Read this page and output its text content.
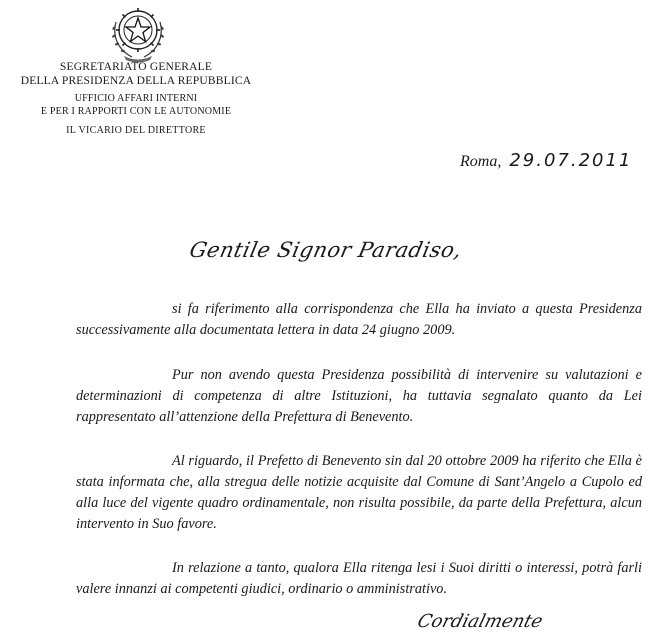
SEGRETARIATO GENERALE
DELLA PRESIDENZA DELLA REPUBBLICA
UFFICIO AFFARI INTERNI
E PER I RAPPORTI CON LE AUTONOMIE
IL VICARIO DEL DIRETTORE
Roma, 29.07.2011
Gentile Signor Paradiso,
si fa riferimento alla corrispondenza che Ella ha inviato a questa Presidenza successivamente alla documentata lettera in data 24 giugno 2009.
Pur non avendo questa Presidenza possibilità di intervenire su valutazioni e determinazioni di competenza di altre Istituzioni, ha tuttavia segnalato quanto da Lei rappresentato all’attenzione della Prefettura di Benevento.
Al riguardo, il Prefetto di Benevento sin dal 20 ottobre 2009 ha riferito che Ella è stata informata che, alla stregua delle notizie acquisite dal Comune di Sant’Angelo a Cupolo ed alla luce del vigente quadro ordinamentale, non risulta possibile, da parte della Prefettura, alcun intervento in Suo favore.
In relazione a tanto, qualora Ella ritenga lesi i Suoi diritti o interessi, potrà farli valere innanzi ai competenti giudici, ordinario o amministrativo.
Cordialmente
